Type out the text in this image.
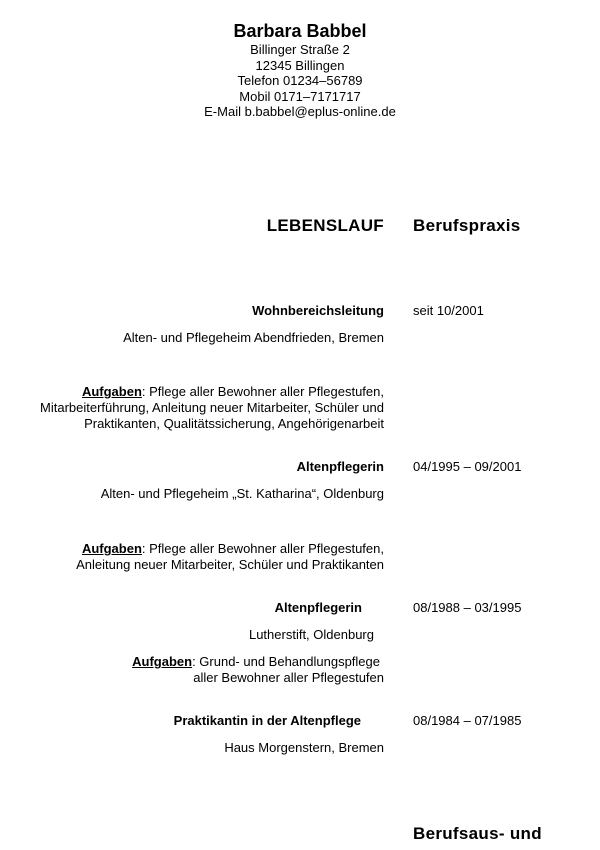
Barbara Babbel
Billinger Straße 2
12345 Billingen
Telefon 01234–56789
Mobil 0171–7171717
E-Mail b.babbel@eplus-online.de
LEBENSLAUF Berufspraxis
Wohnbereichsleitung seit 10/2001
Alten- und Pflegeheim Abendfrieden, Bremen
Aufgaben: Pflege aller Bewohner aller Pflegestufen,
Mitarbeiterführung, Anleitung neuer Mitarbeiter, Schüler und
Praktikanten, Qualitätssicherung, Angehörigenarbeit
Altenpflegerin 04/1995 – 09/2001
Alten- und Pflegeheim „St. Katharina“, Oldenburg
Aufgaben: Pflege aller Bewohner aller Pflegestufen,
Anleitung neuer Mitarbeiter, Schüler und Praktikanten
Altenpflegerin	08/1988 – 03/1995
Lutherstift, Oldenburg
Aufgaben: Grund- und Behandlungspflege
aller Bewohner aller Pflegestufen
Praktikantin in der Altenpflege	08/1984 – 07/1985
Haus Morgenstern, Bremen
Berufsaus- und
